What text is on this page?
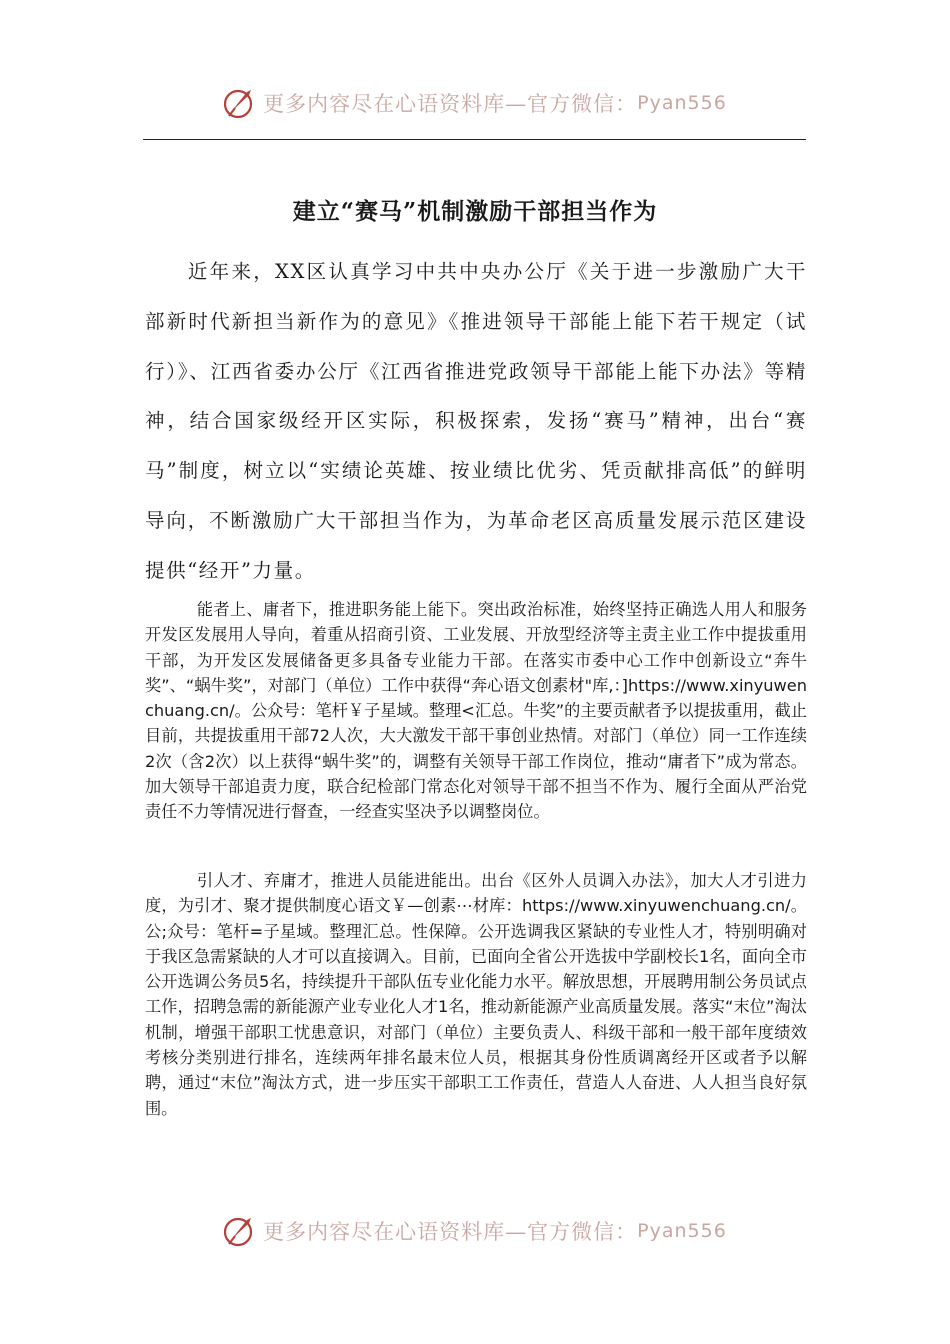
更多内容尽在心语资料库—官方微信： Pyan556
建立“赛马”机制激励干部担当作为

近年来，XX区认真学习中共中央办公厅《关于进一步激励广大干部新时代新担当新作为的意见》《推进领导干部能上能下若干规定（试行）》、江西省委办公厅《江西省推进党政领导干部能上能下办法》等精神，结合国家级经开区实际，积极探索，发扬“赛马”精神，出台“赛马”制度，树立以“实绩论英雄、按业绩比优劣、凭贡献排高低”的鲜明导向，不断激励广大干部担当作为，为革命老区高质量发展示范区建设提供“经开”力量。

能者上、庸者下，推进职务能上能下。突出政治标准，始终坚持正确选人用人和服务开发区发展用人导向，着重从招商引资、工业发展、开放型经济等主责主业工作中提拔重用干部，为开发区发展储备更多具备专业能力干部。在落实市委中心工作中创新设立“奔牛奖”、“蜗牛奖”，对部门（单位）工作中获得“奔心语文创素材"库,：]https://www.xinyuwenchuang.cn/。公众号：笔杆￥子星域。整理<汇总。牛奖”的主要贡献者予以提拔重用，截止目前，共提拔重用干部72人次，大大激发干部干事创业热情。对部门（单位）同一工作连续2次（含2次）以上获得“蜗牛奖”的，调整有关领导干部工作岗位，推动“庸者下”成为常态。加大领导干部追责力度，联合纪检部门常态化对领导干部不担当不作为、履行全面从严治党责任不力等情况进行督查，一经查实坚决予以调整岗位。

引人才、弃庸才，推进人员能进能出。出台《区外人员调入办法》，加大人才引进力度，为引才、聚才提供制度心语文￥—创素⋯材库：https://www.xinyuwenchuang.cn/。公;众号：笔杆=子星域。整理汇总。性保障。公开选调我区紧缺的专业性人才，特别明确对于我区急需紧缺的人才可以直接调入。目前，已面向全省公开选拔中学副校长1名，面向全市公开选调公务员5名，持续提升干部队伍专业化能力水平。解放思想，开展聘用制公务员试点工作，招聘急需的新能源产业专业化人才1名，推动新能源产业高质量发展。落实“末位”淘汰机制，增强干部职工忧患意识，对部门（单位）主要负责人、科级干部和一般干部年度绩效考核分类别进行排名，连续两年排名最末位人员，根据其身份性质调离经开区或者予以解聘，通过“末位”淘汰方式，进一步压实干部职工工作责任，营造人人奋进、人人担当良好氛围。

更多内容尽在心语资料库—官方微信： Pyan556
